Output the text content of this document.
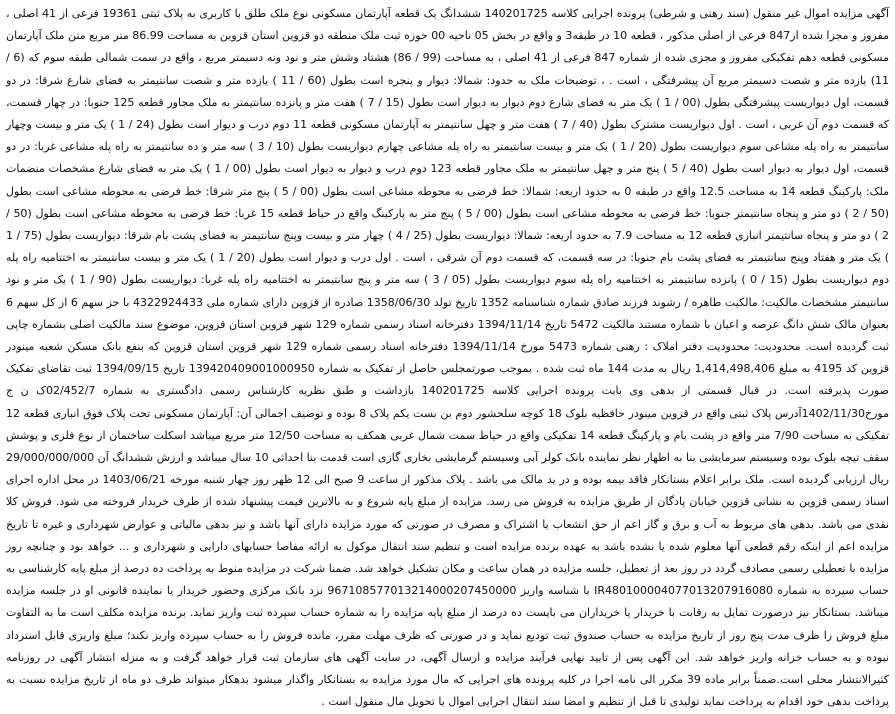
آگهی مزایده اموال غیر منقول (سند رهنی و شرطی) پرونده اجرایی کلاسه 140201725 ششدانگ یک قطعه آپارتمان مسکونی نوع ملک طلق با کاربری به پلاک ثبتی 19361 فرعی از 41 اصلی ، مفروز و مجزا شده از847 فرعی از اصلی مذکور ، قطعه 10 در طبقه3 و واقع در بخش 05 ناحیه 00 حوزه ثبت ملک منطقه دو قزوین استان قزوین به مساحت 86.99 متر مربع متن ملک آپارتمان مسکونی قطعه دهم تفکیکی مفروز و مجزی شده از شماره 847 فرعی از 41 اصلی ، به مساحت (99 / 86) هشتاد وشش متر و نود ونه دسیمتر مربع ، واقع در سمت شمالی طبقه سوم که (6 / 11) یازده متر و شصت دسیمتر مربع آن پیشرفتگی ، است . ، توضیحات ملک به حدود: شمالا: دیوار و پنجره است بطول (60 / 11 ) یازده متر و شصت سانتیمتر به فضای شارع شرقا: در دو قسمت، اول دیواریست پیشرفتگی بطول (00 / 1 ) یک متر به فضای شارع دوم دیوار به دیوار است بطول (15 / 7 ) هفت متر و پانزده سانتیمتر به ملک مجاور قطعه 125 جنوبا: در چهار قسمت، که قسمت دوم آن غربی ، است . اول دیواریست مشترک بطول (40 / 7 ) هفت متر و چهل سانتیمتر به آپارتمان مسکونی قطعه 11 دوم درب و دیوار است بطول (24 / 1 ) یک متر و بیست وچهار سانتیمتر به راه پله مشاعی سوم دیواریست بطول (20 / 1 ) یک متر و بیست سانتیمتر به راه پله مشاعی چهارم دیواریست بطول (10 / 3 ) سه متر و ده سانتیمتر به راه پله مشاعی غربا: در دو قسمت، اول دیوار به دیوار است بطول (40 / 5 ) پنج متر و چهل سانتیمتر به ملک مجاور قطعه 123 دوم درب و دیوار به دیوار است بطول (00 / 1 ) یک متر به فضای شارع مشخصات منضمات ملک: پارکینگ قطعه 14 به مساحت 12.5 واقع در طبقه 0 به حدود اربعه: شمالا: خط فرضی به محوطه مشاعی است بطول (00 / 5 ) پنج متر شرقا: خط فرضی به محوطه مشاعی است بطول (50 / 2 ) دو متر و پنجاه سانتیمتر جنوبا: خط فرضی به محوطه مشاعی است بطول (00 / 5 ) پنج متر به پارکینگ واقع در حیاط قطعه 15 غربا: خط فرضی به محوطه مشاعی است بطول (50 / 2 ) دو متر و پنجاه سانتیمتر انباری قطعه 12 به مساحت 7.9 به حدود اربعه: شمالا: دیواریست بطول (25 / 4 ) چهار متر و بیست وپنج سانتیمتر به فضای پشت بام شرقا: دیواریست بطول (75 / 1 ) یک متر و هفتاد وپنج سانتیمتر به فضای پشت بام جنوبا: در سه قسمت، که قسمت دوم آن شرقی ، است . اول درب و دیوار است بطول (20 / 1 ) یک متر و بیست سانتیمتر به اختتامیه راه پله دوم دیواریست بطول (15 / 0 ) پانزده سانتیمتر به اختتامیه راه پله سوم دیواریست بطول (05 / 3 ) سه متر و پنج سانتیمتر به اختتامیه راه پله غربا: دیواریست بطول (90 / 1 ) یک متر و نود سانتیمتر مشخصات مالکیت: مالکیت طاهره / رشوند فرزند صادق شماره شناسنامه 1352 تاریخ تولد 1358/06/30 صادره از قزوین دارای شماره ملی 4322924433 با جز سهم 6 از کل سهم 6 بعنوان مالک شش دانگ عرصه و اعیان با شماره مستند مالکیت 5472 تاریخ 1394/11/14 دفترخانه اسناد رسمی شماره 129 شهر قزوین استان قزوین، موضوع سند مالکیت اصلی بشماره چاپی ثبت گردیده است. محدودیت: محدودیت دفتر املاک : رهنی شماره 5473 مورخ 1394/11/14 دفترخانه اسناد رسمی شماره 129 شهر قزوین استان قزوین که بنفع بانک مسکن شعبه مینودر قزوین کد 4195 به مبلغ 1,414,498,406 ریال به مدت 144 ماه ثبت شده . بموجب صورتمجلس حاصل از تفکیک به شماره 139420409001000950 تاریخ 1394/09/15 ثبت تقاضای تفکیک صورت پذیرفته است. در قبال قسمتی از بدهی وی بابت پرونده اجرایی کلاسه 140201725 بازداشت و طبق نظریه کارشناس رسمی دادگستری به شماره 02/452/7ک ن ج مورخ1402/11/30آدرس پلاک ثبتی واقع در قزوین مینودر حافظیه بلوک 18 کوچه سلحشور دوم بن بست یکم پلاک 8 بوده و توصیف اجمالی آن: آپارتمان مسکونی تحت پلاک فوق انباری قطعه 12 تفکیکی به مساحت 7/90 متر واقع در پشت بام و پارکینگ قطعه 14 تفکیکی واقع در حیاط سمت شمال غربی همکف به مساحت 12/50 متر مربع میباشد اسکلت ساختمان از نوع فلزی و پوشش سقف تیچه بلوک بوده وسیستم سرمایشی بنا به اظهار نظر نماینده بانک کولر آبی وسیستم گرمایشی بخاری گازی است قدمت بنا احداثی 10 سال میباشد و ارزش ششدانگ آن 29/000/000/000 ریال ارزیابی گردیده است. ملک برابر اعلام بستانکار فاقد بیمه بوده و در ید مالک می باشد . پلاک مذکور از ساعت 9 صبح الی 12 ظهر روز چهار شنبه مورخه 1403/06/21 در محل اداره اجرای اسناد رسمی قزوین به نشانی قزوین خیابان پادگان از طریق مزایده به فروش می رسد. مزایده از مبلغ پایه شروع و به بالاترین قیمت پیشنهاد شده از طرف خریدار فروخته می شود. فروش کلا نقدی می باشد. بدهی های مربوط به آب و برق و گاز اعم از حق انشعاب یا اشتراک و مصرف در صورتی که مورد مزایده دارای آنها باشد و نیز بدهی مالیاتی و عوارض شهرداری و غیره تا تاریخ مزایده اعم از اینکه رقم قطعی آنها معلوم شده یا نشده باشد به عهده برنده مزایده است و تنظیم سند انتقال موکول به ارائه مفاصا حسابهای دارایی و شهرداری و ... خواهد بود و چنانچه روز مزایده با تعطیلی رسمی مصادف گردد در روز بعد از تعطیل، جلسه مزایده در همان ساعت و مکان تشکیل خواهد شد. ضمنا شرکت در مزایده منوط به پرداخت ده درصد از مبلغ پایه کارشناسی به حساب سپرده به شماره IR480100004077013207916080 با شناسه واریز 967108577013214000207450000 نزد بانک مرکزی وحضور خریدار یا نماینده قانونی او در جلسه مزایده میباشد. بستانکار نیز درصورت تمایل به رقابت با خریدار یا خریداران می بایست ده درصد از مبلغ پایه مزایده را به شماره حساب سپرده ثبت واریز نماید. برنده مزایده مکلف است ما به التفاوت مبلغ فروش را ظرف مدت پنج روز از تاریخ مزایده به حساب صندوق ثبت تودیع نماید و در صورتی که ظرف مهلت مقرر، مانده فروش را به حساب سپرده واریز نکند؛ مبلغ واریزی قابل استرداد نبوده و به حساب خزانه واریز خواهد شد. این آگهی پس از تایید نهایی فرآیند مزایده و ارسال آگهی، در سایت آگهی های سازمان ثبت قرار خواهد گرفت و به منزله انتشار آگهی در روزنامه کثیرالانتشار محلی است.ضمناً برابر ماده 39 مکرر الی نامه اجرا در کلیه پرونده های اجرایی که مال مورد مزایده به بستانکار واگذار میشود بدهکار میتواند ظرف دو ماه از تاریخ مزایده نسبت به پرداخت بدهی خود اقدام به پرداخت نماید تولیدی تا قبل از تنظیم و امضا سند انتقال اجرایی اموال یا تحویل مال منقول است .
